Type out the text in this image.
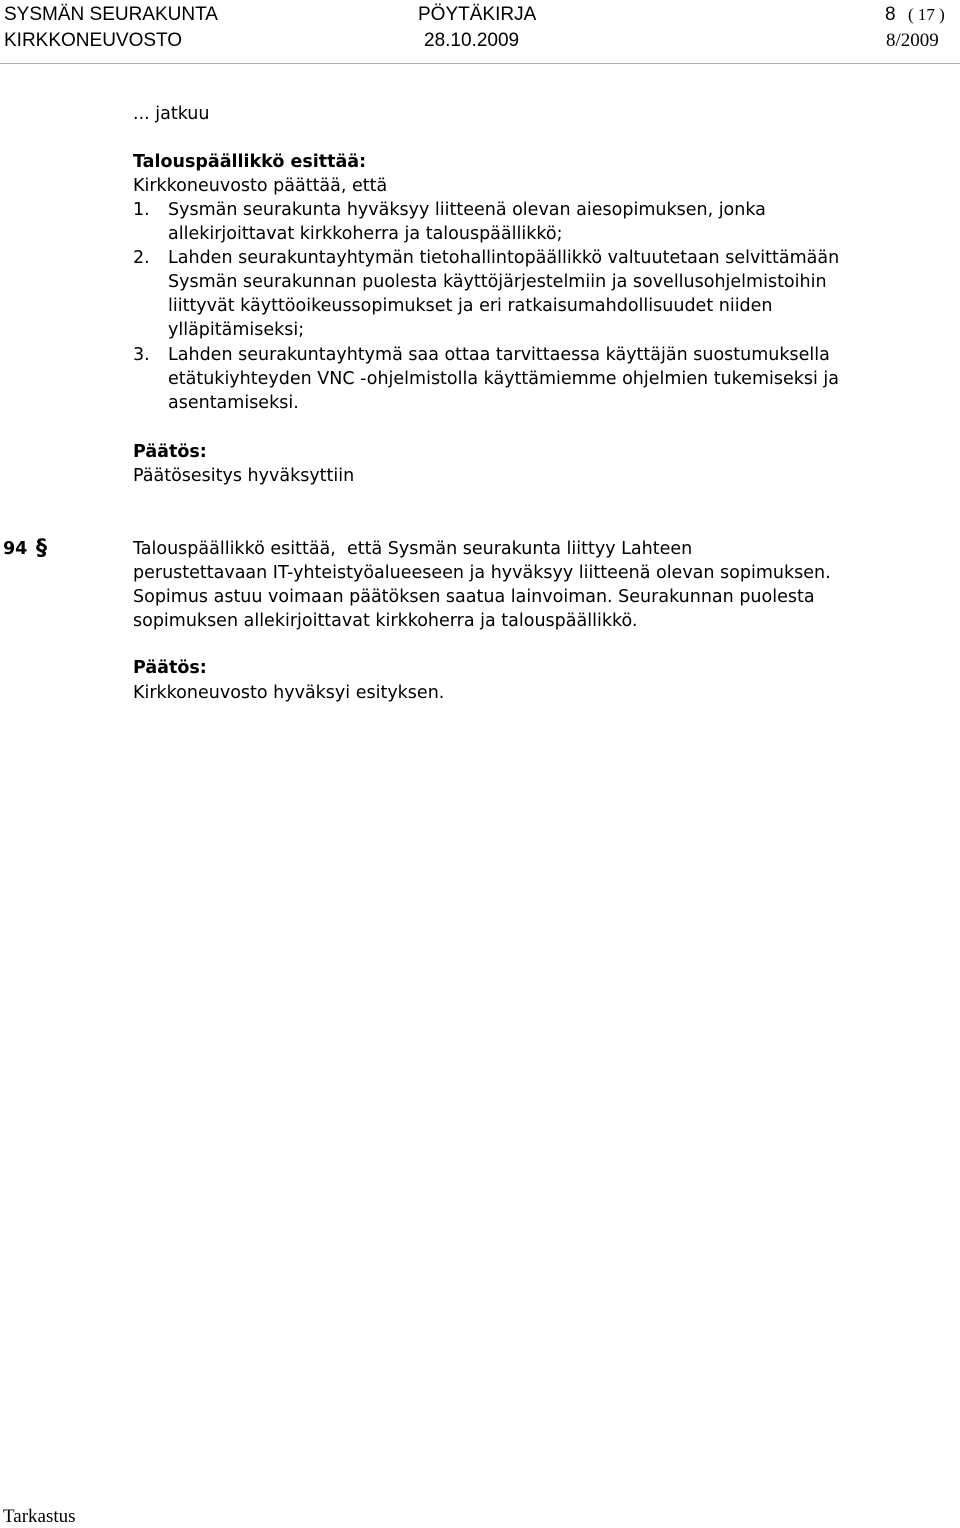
SYSMÄN SEURAKUNTA	PÖYTÄKIRJA	8 ( 17 )
KIRKKONEUVOSTO	28.10.2009	8/2009
... jatkuu
Talouspäällikkö esittää:
Kirkkoneuvosto päättää, että
1. Sysmän seurakunta hyväksyy liitteenä olevan aiesopimuksen, jonka
allekirjoittavat kirkkoherra ja talouspäällikkö;
2. Lahden seurakuntayhtymän tietohallintopäällikkö valtuutetaan selvittämään
Sysmän seurakunnan puolesta käyttöjärjestelmiin ja sovellusohjelmistoihin
liittyvät käyttöoikeussopimukset ja eri ratkaisumahdollisuudet niiden
ylläpitämiseksi;
3. Lahden seurakuntayhtymä saa ottaa tarvittaessa käyttäjän suostumuksella
etätukiyhteyden VNC -ohjelmistolla käyttämiemme ohjelmien tukemiseksi ja
asentamiseksi.
Päätös:
Päätösesitys hyväksyttiin
94 §	Talouspäällikkö esittää,  että Sysmän seurakunta liittyy Lahteen
perustettavaan IT-yhteistyöalueeseen ja hyväksyy liitteenä olevan sopimuksen.
Sopimus astuu voimaan päätöksen saatua lainvoiman. Seurakunnan puolesta
sopimuksen allekirjoittavat kirkkoherra ja talouspäällikkö.
Päätös:
Kirkkoneuvosto hyväksyi esityksen.
Tarkastus
